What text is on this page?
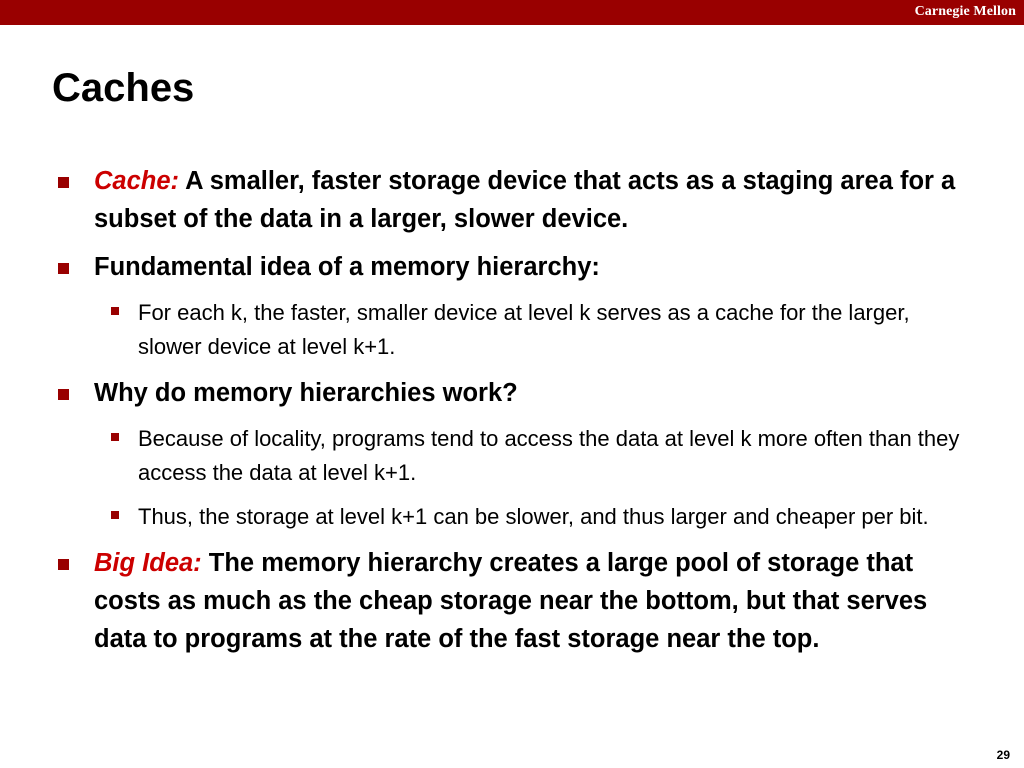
Carnegie Mellon
Caches
Cache: A smaller, faster storage device that acts as a staging area for a subset of the data in a larger, slower device.
Fundamental idea of a memory hierarchy:
For each k, the faster, smaller device at level k serves as a cache for the larger, slower device at level k+1.
Why do memory hierarchies work?
Because of locality, programs tend to access the data at level k more often than they access the data at level k+1.
Thus, the storage at level k+1 can be slower, and thus larger and cheaper per bit.
Big Idea: The memory hierarchy creates a large pool of storage that costs as much as the cheap storage near the bottom, but that serves data to programs at the rate of the fast storage near the top.
29
